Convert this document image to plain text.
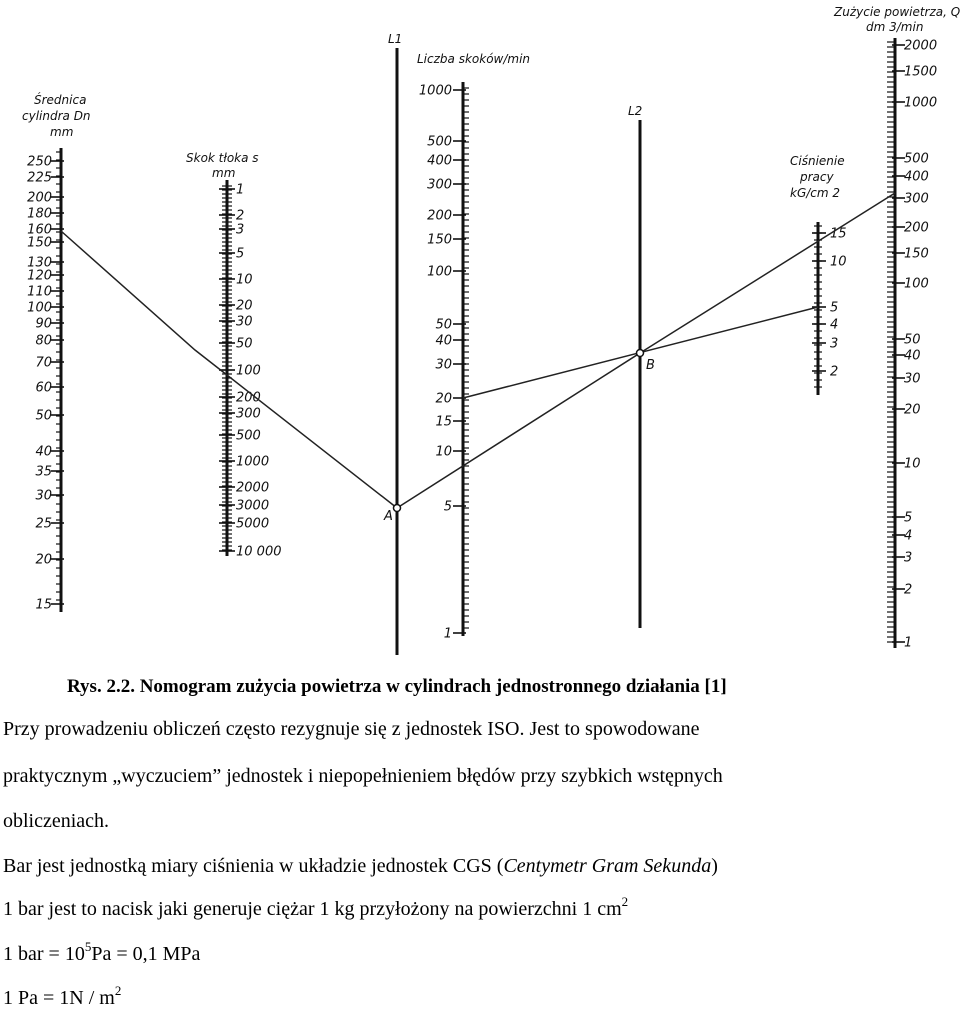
Średnica
cylindra Dn
mm
250
225
200
180
160
150
130
120
110
100
90
80
70
60
50
40
35
30
25
20
15
Skok tłoka s
mm
1
2
3
5
10
20
30
50
100
200
300
500
1000
2000
3000
5000
10 000
L1
Liczba skoków/min
1000
500
400
300
200
150
100
50
40
30
20
15
10
5
1
L2
Ciśnienie
pracy
kG/cm 2
15
10
5
4
3
2
Zużycie powietrza, Q
dm 3/min
2000
1500
1000
500
400
300
200
150
100
50
40
30
20
10
5
4
3
2
1
A
B
Rys. 2.2. Nomogram zużycia powietrza w cylindrach jednostronnego działania [1]
Przy prowadzeniu obliczeń często rezygnuje się z jednostek ISO. Jest to spowodowane
praktycznym „wyczuciem” jednostek i niepopełnieniem błędów przy szybkich wstępnych
obliczeniach.
Bar jest jednostką miary ciśnienia w układzie jednostek CGS (Centymetr Gram Sekunda)
1 bar jest to nacisk jaki generuje ciężar 1 kg przyłożony na powierzchni 1 $cm^2$
1 bar = $10^5Pa = 0,1$ MPa
1 $Pa = 1N / m^2$
